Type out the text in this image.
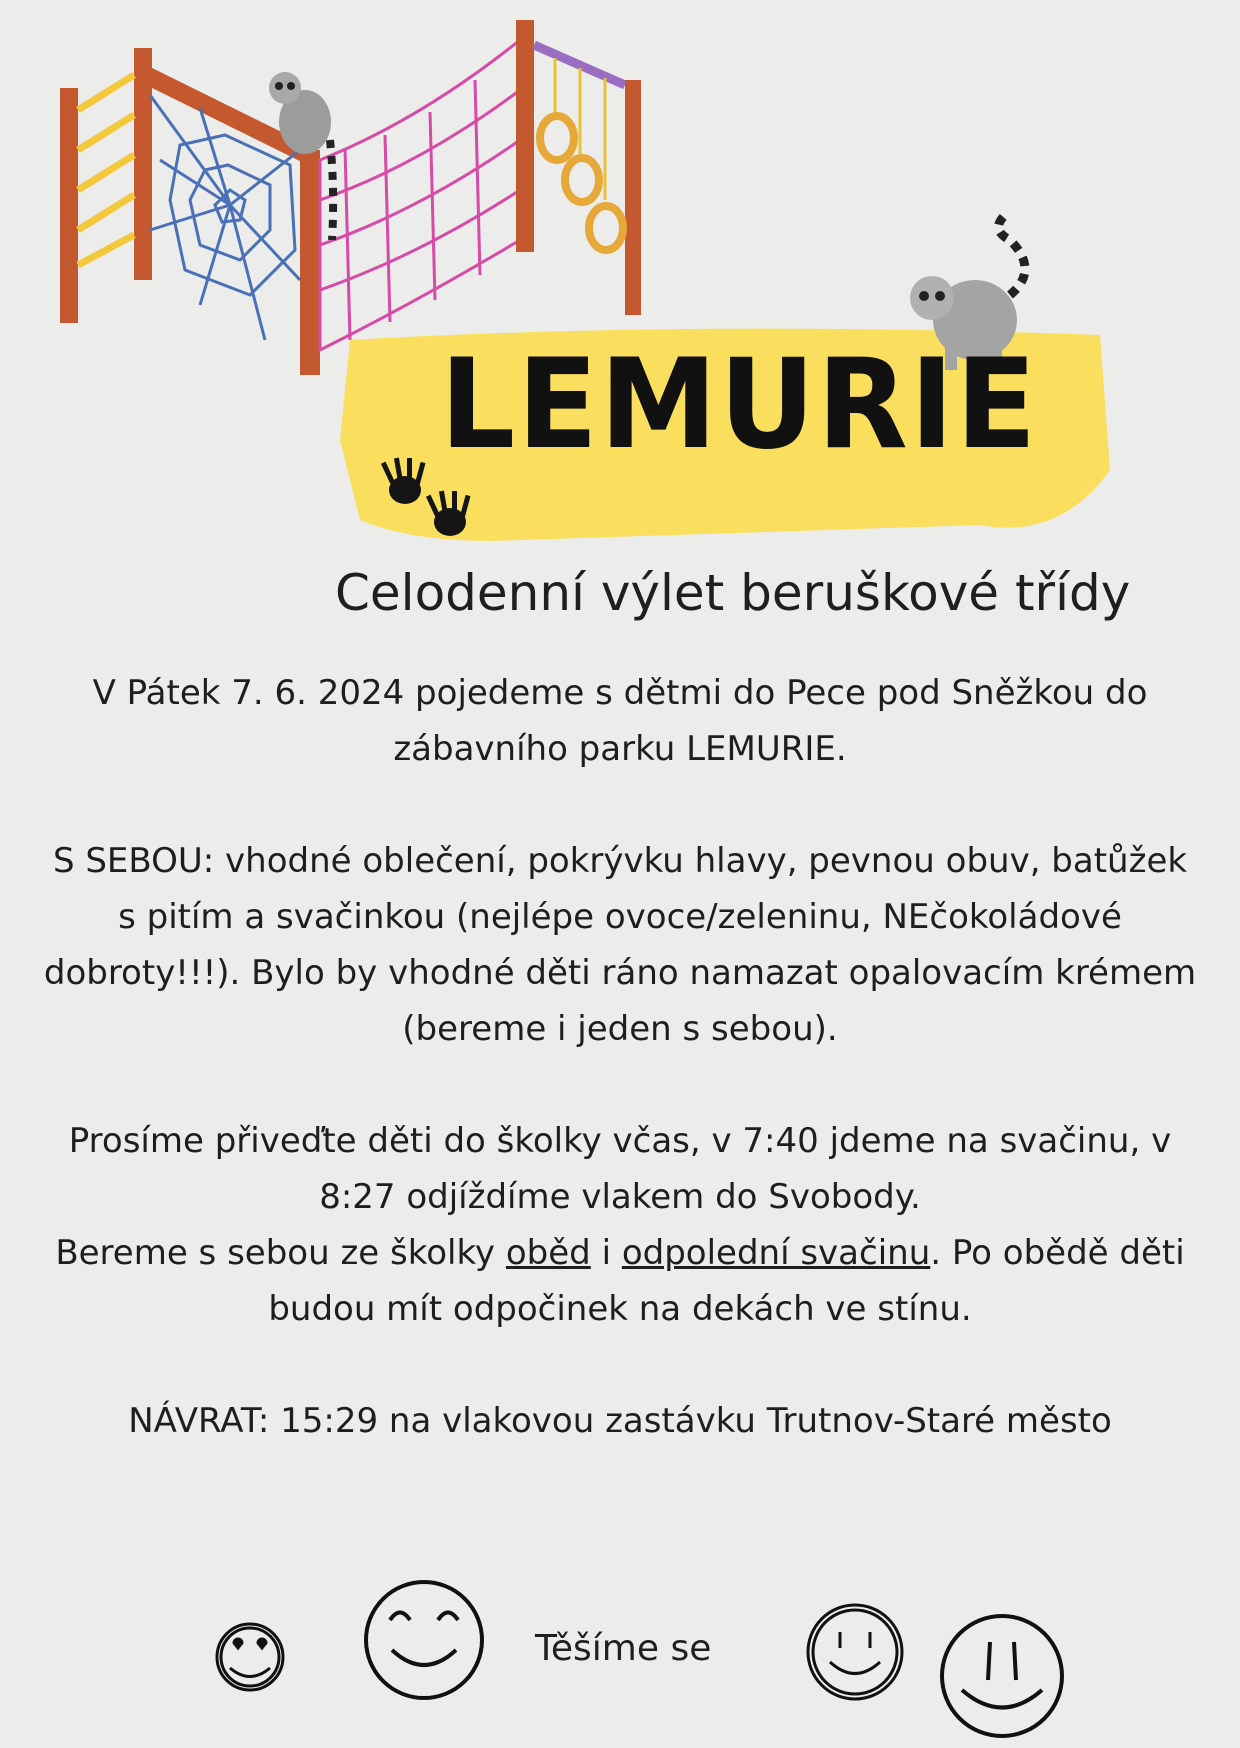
LEMURIE
Celodenní výlet beruškové třídy

V Pátek 7. 6. 2024 pojedeme s dětmi do Pece pod Sněžkou do zábavního parku LEMURIE.

S SEBOU: vhodné oblečení, pokrývku hlavy, pevnou obuv, batůžek s pitím a svačinkou (nejlépe ovoce/zeleninu, NEčokoládové dobroty!!!). Bylo by vhodné děti ráno namazat opalovacím krémem (bereme i jeden s sebou).

Prosíme přiveďte děti do školky včas, v 7:40 jdeme na svačinu, v 8:27 odjíždíme vlakem do Svobody.

Bereme s sebou ze školky oběd i odpolední svačinu. Po obědě děti budou mít odpočinek na dekách ve stínu.

NÁVRAT: 15:29 na vlakovou zastávku Trutnov-Staré město

Těšíme se
